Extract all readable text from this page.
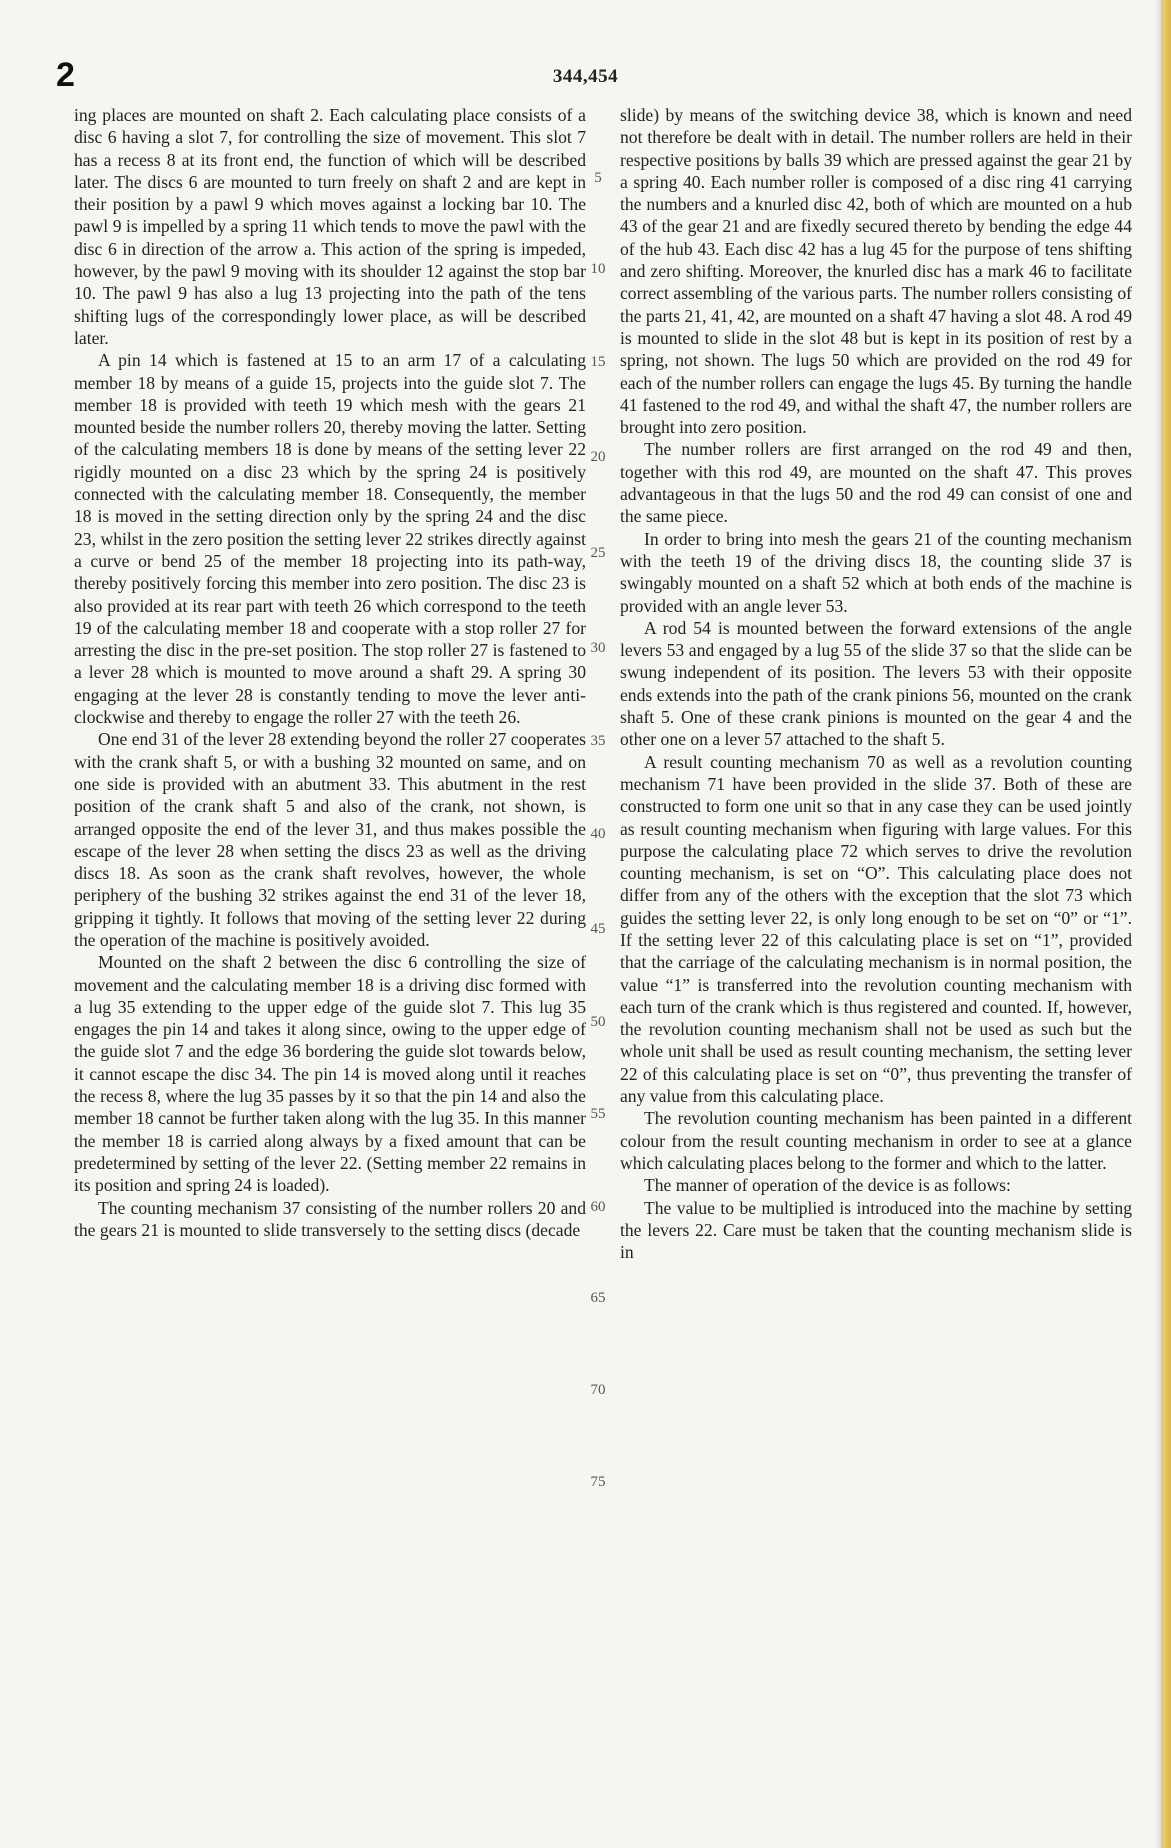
2	344,454

ing places are mounted on shaft 2. Each calculating place consists of a disc 6 having a slot 7, for controlling the size of movement. This slot 7 has a recess 8 at its front end, the function of which will be described later. The discs 6 are mounted to turn freely on shaft 2 and are kept in their position by a pawl 9 which moves against a locking bar 10. The pawl 9 is impelled by a spring 11 which tends to move the pawl with the disc 6 in direction of the arrow a. This action of the spring is impeded, however, by the pawl 9 moving with its shoulder 12 against the stop bar 10. The pawl 9 has also a lug 13 projecting into the path of the tens shifting lugs of the correspondingly lower place, as will be described later.

A pin 14 which is fastened at 15 to an arm 17 of a calculating member 18 by means of a guide 15, projects into the guide slot 7. The member 18 is provided with teeth 19 which mesh with the gears 21 mounted beside the number rollers 20, thereby moving the latter. Setting of the calculating members 18 is done by means of the setting lever 22 rigidly mounted on a disc 23 which by the spring 24 is positively connected with the calculating member 18. Consequently, the member 18 is moved in the setting direction only by the spring 24 and the disc 23, whilst in the zero position the setting lever 22 strikes directly against a curve or bend 25 of the member 18 projecting into its path-way, thereby positively forcing this member into zero position. The disc 23 is also provided at its rear part with teeth 26 which correspond to the teeth 19 of the calculating member 18 and cooperate with a stop roller 27 for arresting the disc in the pre-set position. The stop roller 27 is fastened to a lever 28 which is mounted to move around a shaft 29. A spring 30 engaging at the lever 28 is constantly tending to move the lever anti-clockwise and thereby to engage the roller 27 with the teeth 26.

One end 31 of the lever 28 extending beyond the roller 27 cooperates with the crank shaft 5, or with a bushing 32 mounted on same, and on one side is provided with an abutment 33. This abutment in the rest position of the crank shaft 5 and also of the crank, not shown, is arranged opposite the end of the lever 31, and thus makes possible the escape of the lever 28 when setting the discs 23 as well as the driving discs 18. As soon as the crank shaft revolves, however, the whole periphery of the bushing 32 strikes against the end 31 of the lever 18, gripping it tightly. It follows that moving of the setting lever 22 during the operation of the machine is positively avoided.

Mounted on the shaft 2 between the disc 6 controlling the size of movement and the calculating member 18 is a driving disc formed with a lug 35 extending to the upper edge of the guide slot 7. This lug 35 engages the pin 14 and takes it along since, owing to the upper edge of the guide slot 7 and the edge 36 bordering the guide slot towards below, it cannot escape the disc 34. The pin 14 is moved along until it reaches the recess 8, where the lug 35 passes by it so that the pin 14 and also the member 18 cannot be further taken along with the lug 35. In this manner the member 18 is carried along always by a fixed amount that can be predetermined by setting of the lever 22. (Setting member 22 remains in its position and spring 24 is loaded).

The counting mechanism 37 consisting of the number rollers 20 and the gears 21 is mounted to slide transversely to the setting discs (decade

5
10
15
20
25
30
35
40
45
50
55
60
65
70
75

slide) by means of the switching device 38, which is known and need not therefore be dealt with in detail. The number rollers are held in their respective positions by balls 39 which are pressed against the gear 21 by a spring 40. Each number roller is composed of a disc ring 41 carrying the numbers and a knurled disc 42, both of which are mounted on a hub 43 of the gear 21 and are fixedly secured thereto by bending the edge 44 of the hub 43. Each disc 42 has a lug 45 for the purpose of tens shifting and zero shifting. Moreover, the knurled disc has a mark 46 to facilitate correct assembling of the various parts. The number rollers consisting of the parts 21, 41, 42, are mounted on a shaft 47 having a slot 48. A rod 49 is mounted to slide in the slot 48 but is kept in its position of rest by a spring, not shown. The lugs 50 which are provided on the rod 49 for each of the number rollers can engage the lugs 45. By turning the handle 41 fastened to the rod 49, and withal the shaft 47, the number rollers are brought into zero position.

The number rollers are first arranged on the rod 49 and then, together with this rod 49, are mounted on the shaft 47. This proves advantageous in that the lugs 50 and the rod 49 can consist of one and the same piece.

In order to bring into mesh the gears 21 of the counting mechanism with the teeth 19 of the driving discs 18, the counting slide 37 is swingably mounted on a shaft 52 which at both ends of the machine is provided with an angle lever 53.

A rod 54 is mounted between the forward extensions of the angle levers 53 and engaged by a lug 55 of the slide 37 so that the slide can be swung independent of its position. The levers 53 with their opposite ends extends into the path of the crank pinions 56, mounted on the crank shaft 5. One of these crank pinions is mounted on the gear 4 and the other one on a lever 57 attached to the shaft 5.

A result counting mechanism 70 as well as a revolution counting mechanism 71 have been provided in the slide 37. Both of these are constructed to form one unit so that in any case they can be used jointly as result counting mechanism when figuring with large values. For this purpose the calculating place 72 which serves to drive the revolution counting mechanism, is set on “O”. This calculating place does not differ from any of the others with the exception that the slot 73 which guides the setting lever 22, is only long enough to be set on “0” or “1”. If the setting lever 22 of this calculating place is set on “1”, provided that the carriage of the calculating mechanism is in normal position, the value “1” is transferred into the revolution counting mechanism with each turn of the crank which is thus registered and counted. If, however, the revolution counting mechanism shall not be used as such but the whole unit shall be used as result counting mechanism, the setting lever 22 of this calculating place is set on “0”, thus preventing the transfer of any value from this calculating place.

The revolution counting mechanism has been painted in a different colour from the result counting mechanism in order to see at a glance which calculating places belong to the former and which to the latter.

The manner of operation of the device is as follows:

The value to be multiplied is introduced into the machine by setting the levers 22. Care must be taken that the counting mechanism slide is in
